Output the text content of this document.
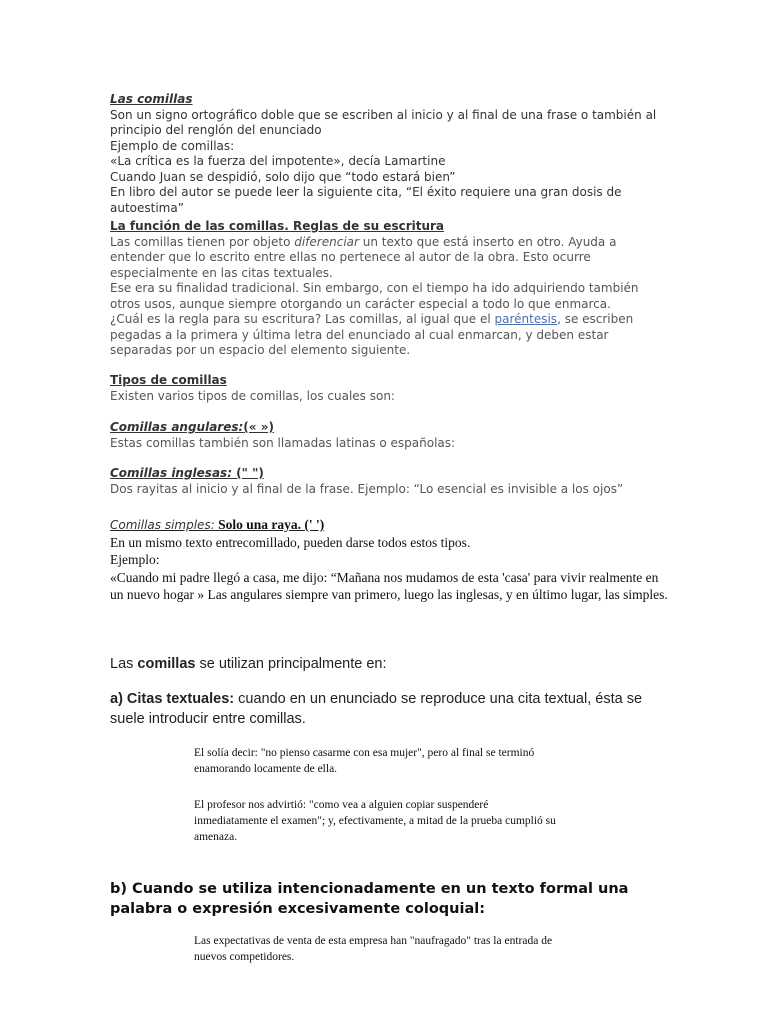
Las comillas

Son un signo ortográfico doble que se escriben al inicio y al final de una frase o también al principio del renglón del enunciado

Ejemplo de comillas:

«La crítica es la fuerza del impotente», decía Lamartine

Cuando Juan se despidió, solo dijo que “todo estará bien”

En libro del autor se puede leer la siguiente cita, “El éxito requiere una gran dosis de autoestima”

La función de las comillas. Reglas de su escritura

Las comillas tienen por objeto diferenciar un texto que está inserto en otro. Ayuda a entender que lo escrito entre ellas no pertenece al autor de la obra. Esto ocurre especialmente en las citas textuales.

Ese era su finalidad tradicional. Sin embargo, con el tiempo ha ido adquiriendo también otros usos, aunque siempre otorgando un carácter especial a todo lo que enmarca.

¿Cuál es la regla para su escritura? Las comillas, al igual que el paréntesis, se escriben pegadas a la primera y última letra del enunciado al cual enmarcan, y deben estar separadas por un espacio del elemento siguiente.

Tipos de comillas

Existen varios tipos de comillas, los cuales son:

Comillas angulares:(« »)

Estas comillas también son llamadas latinas o españolas:

Comillas inglesas: (" ")

Dos rayitas al inicio y al final de la frase. Ejemplo: “Lo esencial es invisible a los ojos”

Comillas simples: Solo una raya. (' ')

En un mismo texto entrecomillado, pueden darse todos estos tipos.

Ejemplo:

«Cuando mi padre llegó a casa, me dijo: “Mañana nos mudamos de esta 'casa' para vivir realmente en un nuevo hogar » Las angulares siempre van primero, luego las inglesas, y en último lugar, las simples.

Las comillas se utilizan principalmente en:

a) Citas textuales: cuando en un enunciado se reproduce una cita textual, ésta se suele introducir entre comillas.

El solía decir: "no pienso casarme con esa mujer", pero al final se terminó enamorando locamente de ella.
El profesor nos advirtió: "como vea a alguien copiar suspenderé inmediatamente el examen"; y, efectivamente, a mitad de la prueba cumplió su amenaza.
b) Cuando se utiliza intencionadamente en un texto formal una palabra o expresión excesivamente coloquial:
Las expectativas de venta de esta empresa han "naufragado" tras la entrada de nuevos competidores.
